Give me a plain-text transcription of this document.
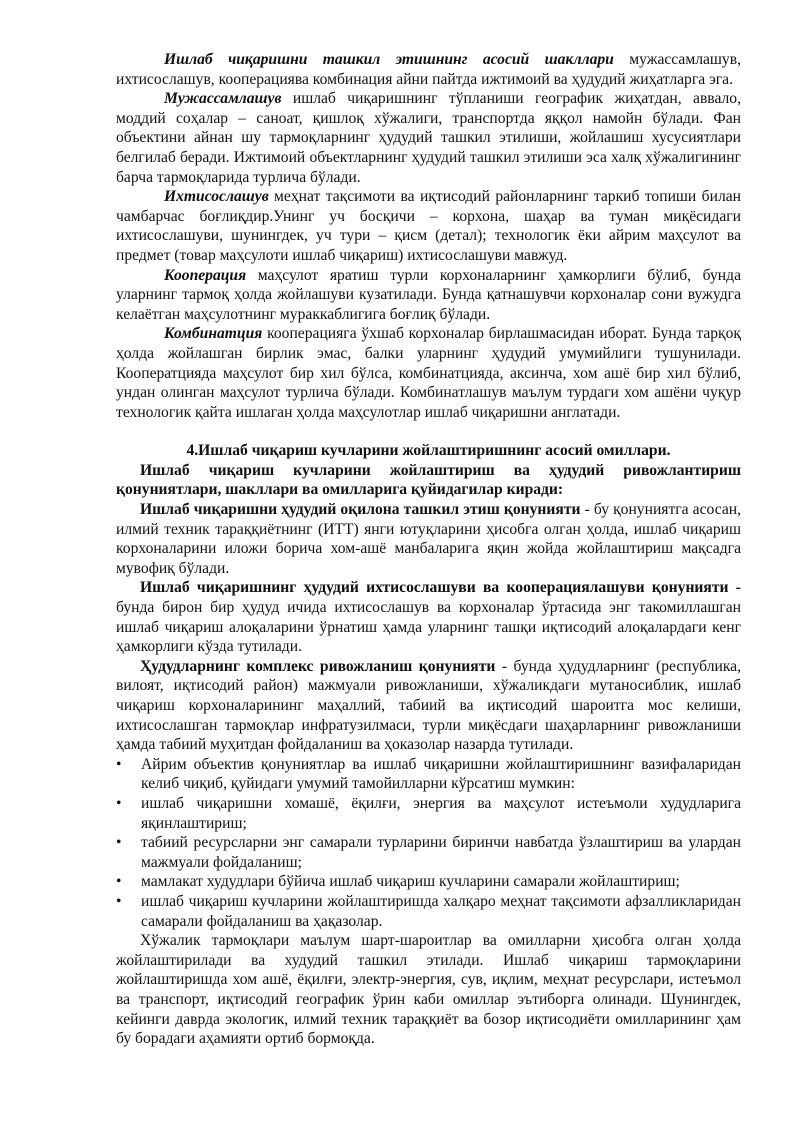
Ишлаб чиқаришни ташкил этишнинг асосий шакллари мужассамлашув, ихтисослашув, кооперациява комбинация айни пайтда ижтимоий ва ҳудудий жиҳатларга эга.

Мужассамлашув ишлаб чиқаришнинг тўпланиши географик жиҳатдан, аввало, моддий соҳалар – саноат, қишлоқ хўжалиги, транспортда яққол намойн бўлади. Фан объектини айнан шу тармоқларнинг ҳудудий ташкил этилиши, жойлашиш хусусиятлари белгилаб беради. Ижтимоий объектларнинг ҳудудий ташкил этилиши эса халқ хўжалигининг барча тармоқларида турлича бўлади.

Ихтисослашув меҳнат тақсимоти ва иқтисодий районларнинг таркиб топиши билан чамбарчас боғлиқдир.Унинг уч босқичи – корхона, шаҳар ва туман миқёсидаги ихтисослашуви, шунингдек, уч тури – қисм (детал); технологик ёки айрим маҳсулот ва предмет (товар маҳсулоти ишлаб чиқариш) ихтисослашуви мавжуд.

Кооперация маҳсулот яратиш турли корхоналарнинг ҳамкорлиги бўлиб, бунда уларнинг тармоқ ҳолда жойлашуви кузатилади. Бунда қатнашувчи корхоналар сони вужудга келаётган маҳсулотнинг мураккаблигига боғлиқ бўлади.

Комбинатция кооперацияга ўхшаб корхоналар бирлашмасидан иборат. Бунда тарқоқ ҳолда жойлашган бирлик эмас, балки уларнинг ҳудудий умумийлиги тушунилади. Кооператцияда маҳсулот бир хил бўлса, комбинатцияда, аксинча, хом ашё бир хил бўлиб, ундан олинган маҳсулот турлича бўлади. Комбинатлашув маълум турдаги хом ашёни чуқур технологик қайта ишлаган ҳолда маҳсулотлар ишлаб чиқаришни англатади.

4.Ишлаб чиқариш кучларини жойлаштиришнинг асосий омиллари.

Ишлаб чиқариш кучларини жойлаштириш ва ҳудудий ривожлантириш қонуниятлари, шакллари ва омилларига қуйидагилар киради:

Ишлаб чиқаришни ҳудудий оқилона ташкил этиш қонунияти - бу қонуниятга асосан, илмий техник тараққиётнинг (ИТТ) янги ютуқларини ҳисобга олган ҳолда, ишлаб чиқариш корхоналарини иложи борича хом-ашё манбаларига яқин жойда жойлаштириш мақсадга мувофиқ бўлади.

Ишлаб чиқаришнинг ҳудудий ихтисослашуви ва кооперациялашуви қонунияти - бунда бирон бир ҳудуд ичида ихтисослашув ва корхоналар ўртасида энг такомиллашган ишлаб чиқариш алоқаларини ўрнатиш ҳамда уларнинг ташқи иқтисодий алоқалардаги кенг ҳамкорлиги кўзда тутилади.

Ҳудудларнинг комплекс ривожланиш қонунияти - бунда ҳудудларнинг (республика, вилоят, иқтисодий район) мажмуали ривожланиши, хўжаликдаги мутаносиблик, ишлаб чиқариш корхоналарининг маҳаллий, табиий ва иқтисодий шароитга мос келиши, ихтисослашган тармоқлар инфратузилмаси, турли миқёсдаги шаҳарларнинг ривожланиши ҳамда табиий муҳитдан фойдаланиш ва ҳоказолар назарда тутилади.

• Айрим объектив қонуниятлар ва ишлаб чиқаришни жойлаштиришнинг вазифаларидан келиб чиқиб, қуйидаги умумий тамойилларни кўрсатиш мумкин:
• ишлаб чиқаришни хомашё, ёқилғи, энергия ва маҳсулот истеъмоли худудларига яқинлаштириш;
• табиий ресурсларни энг самарали турларини биринчи навбатда ўзлаштириш ва улардан мажмуали фойдаланиш;
• мамлакат худудлари бўйича ишлаб чиқариш кучларини самарали жойлаштириш;
• ишлаб чиқариш кучларини жойлаштиришда халқаро меҳнат тақсимоти афзалликларидан самарали фойдаланиш ва ҳақазолар.

Хўжалик тармоқлари маълум шарт-шароитлар ва омилларни ҳисобга олган ҳолда жойлаштирилади ва худудий ташкил этилади. Ишлаб чиқариш тармоқларини жойлаштиришда хом ашё, ёқилғи, электр-энергия, сув, иқлим, меҳнат ресурслари, истеъмол ва транспорт, иқтисодий географик ўрин каби омиллар эътиборга олинади. Шунингдек, кейинги даврда экологик, илмий техник тараққиёт ва бозор иқтисодиёти омилларининг ҳам бу борадаги аҳамияти ортиб бормоқда.
